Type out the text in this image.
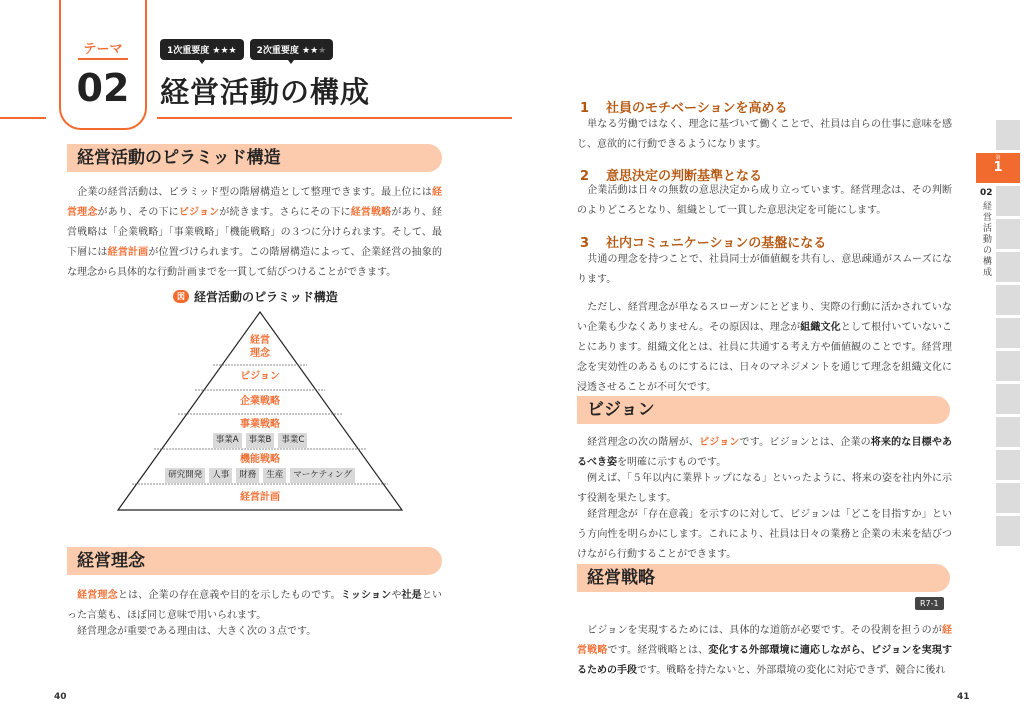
テーマ
02
1次重要度 ★★★	2次重要度 ★★★
経営活動の構成
経営活動のピラミッド構造

　企業の経営活動は、ピラミッド型の階層構造として整理できます。最上位には経営理念があり、その下にビジョンが続きます。さらにその下に経営戦略があり、経営戦略は「企業戦略」「事業戦略」「機能戦略」の３つに分けられます。そして、最下層には経営計画が位置づけられます。この階層構造によって、企業経営の抽象的な理念から具体的な行動計画までを一貫して結びつけることができます。

図 経営活動のピラミッド構造
経営
理念
ビジョン
企業戦略
事業戦略
事業A	事業B	事業C
機能戦略
研究開発	人事	財務	生産	マーケティング
経営計画
経営理念

　経営理念とは、企業の存在意義や目的を示したものです。ミッションや社是といった言葉も、ほぼ同じ意味で用いられます。

　経営理念が重要である理由は、大きく次の３点です。

40
1 社員のモチベーションを高める

　単なる労働ではなく、理念に基づいて働くことで、社員は自らの仕事に意味を感じ、意欲的に行動できるようになります。

2 意思決定の判断基準となる

　企業活動は日々の無数の意思決定から成り立っています。経営理念は、その判断のよりどころとなり、組織として一貫した意思決定を可能にします。

3 社内コミュニケーションの基盤になる

　共通の理念を持つことで、社員同士が価値観を共有し、意思疎通がスムーズになります。

　ただし、経営理念が単なるスローガンにとどまり、実際の行動に活かされていない企業も少なくありません。その原因は、理念が組織文化として根付いていないことにあります。組織文化とは、社員に共通する考え方や価値観のことです。経営理念を実効性のあるものにするには、日々のマネジメントを通じて理念を組織文化に浸透させることが不可欠です。

ビジョン

　経営理念の次の階層が、ビジョンです。ビジョンとは、企業の将来的な目標やあるべき姿を明確に示すものです。

　例えば、「５年以内に業界トップになる」といったように、将来の姿を社内外に示す役割を果たします。

　経営理念が「存在意義」を示すのに対して、ビジョンは「どこを目指すか」という方向性を明らかにします。これにより、社員は日々の業務と企業の未来を結びつけながら行動することができます。

経営戦略
R7-1

　ビジョンを実現するためには、具体的な道筋が必要です。その役割を担うのが経営戦略です。経営戦略とは、変化する外部環境に適応しながら、ビジョンを実現するための手段です。戦略を持たないと、外部環境の変化に対応できず、競合に後れ

41
第
1
02
経営活動の構成
